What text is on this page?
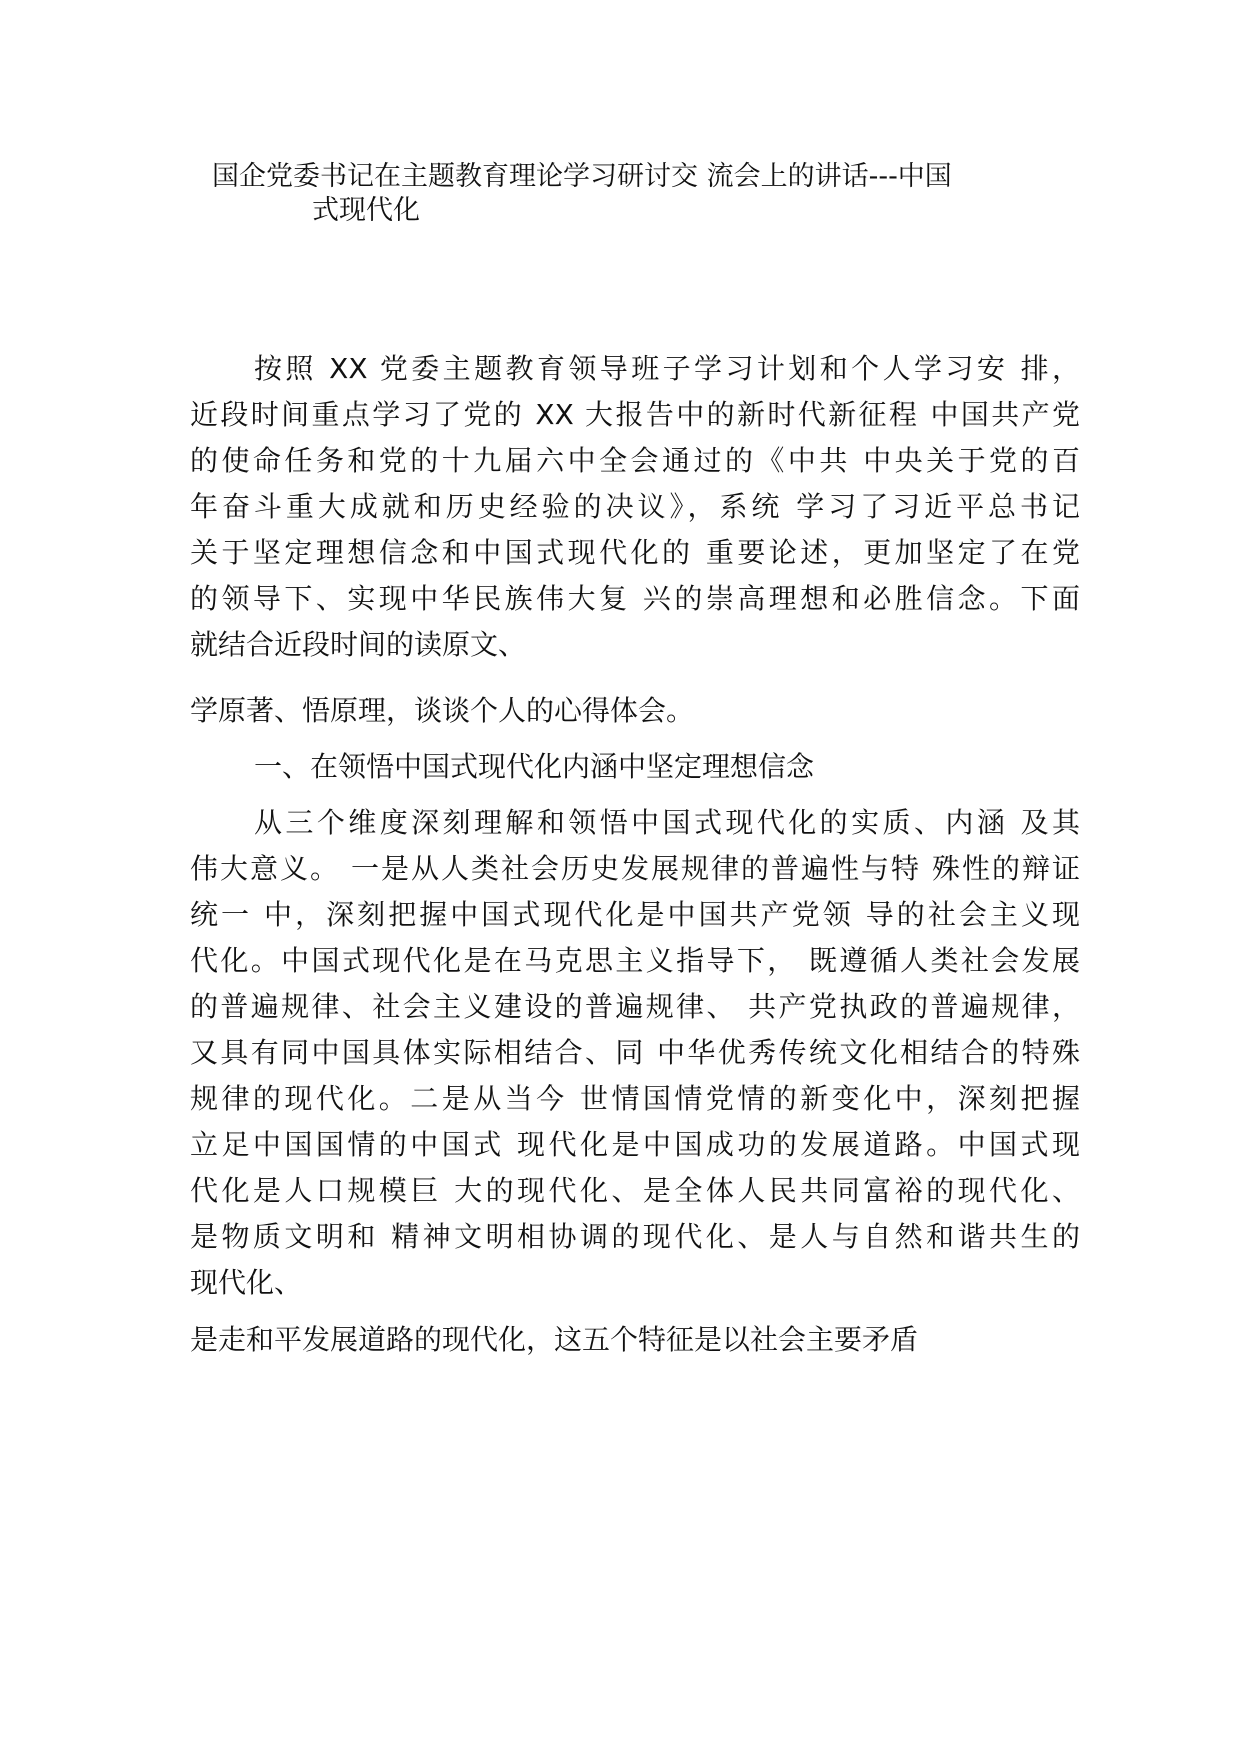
国企党委书记在主题教育理论学习研讨交 流会上的讲话---中国
式现代化
按照 XX 党委主题教育领导班子学习计划和个人学习安 排，
近段时间重点学习了党的 XX 大报告中的新时代新征程 中国共产党
的使命任务和党的十九届六中全会通过的《中共 中央关于党的百
年奋斗重大成就和历史经验的决议》，系统 学习了习近平总书记
关于坚定理想信念和中国式现代化的 重要论述，更加坚定了在党
的领导下、实现中华民族伟大复 兴的崇高理想和必胜信念。下面
就结合近段时间的读原文、
学原著、悟原理，谈谈个人的心得体会。
一、在领悟中国式现代化内涵中坚定理想信念
从三个维度深刻理解和领悟中国式现代化的实质、内涵 及其
伟大意义。 一是从人类社会历史发展规律的普遍性与特 殊性的辩证
统一 中，深刻把握中国式现代化是中国共产党领 导的社会主义现
代化。中国式现代化是在马克思主义指导下， 既遵循人类社会发展
的普遍规律、社会主义建设的普遍规律、 共产党执政的普遍规律，
又具有同中国具体实际相结合、同 中华优秀传统文化相结合的特殊
规律的现代化。二是从当今 世情国情党情的新变化中，深刻把握
立足中国国情的中国式 现代化是中国成功的发展道路。中国式现
代化是人口规模巨 大的现代化、是全体人民共同富裕的现代化、
是物质文明和 精神文明相协调的现代化、是人与自然和谐共生的
现代化、
是走和平发展道路的现代化，这五个特征是以社会主要矛盾
